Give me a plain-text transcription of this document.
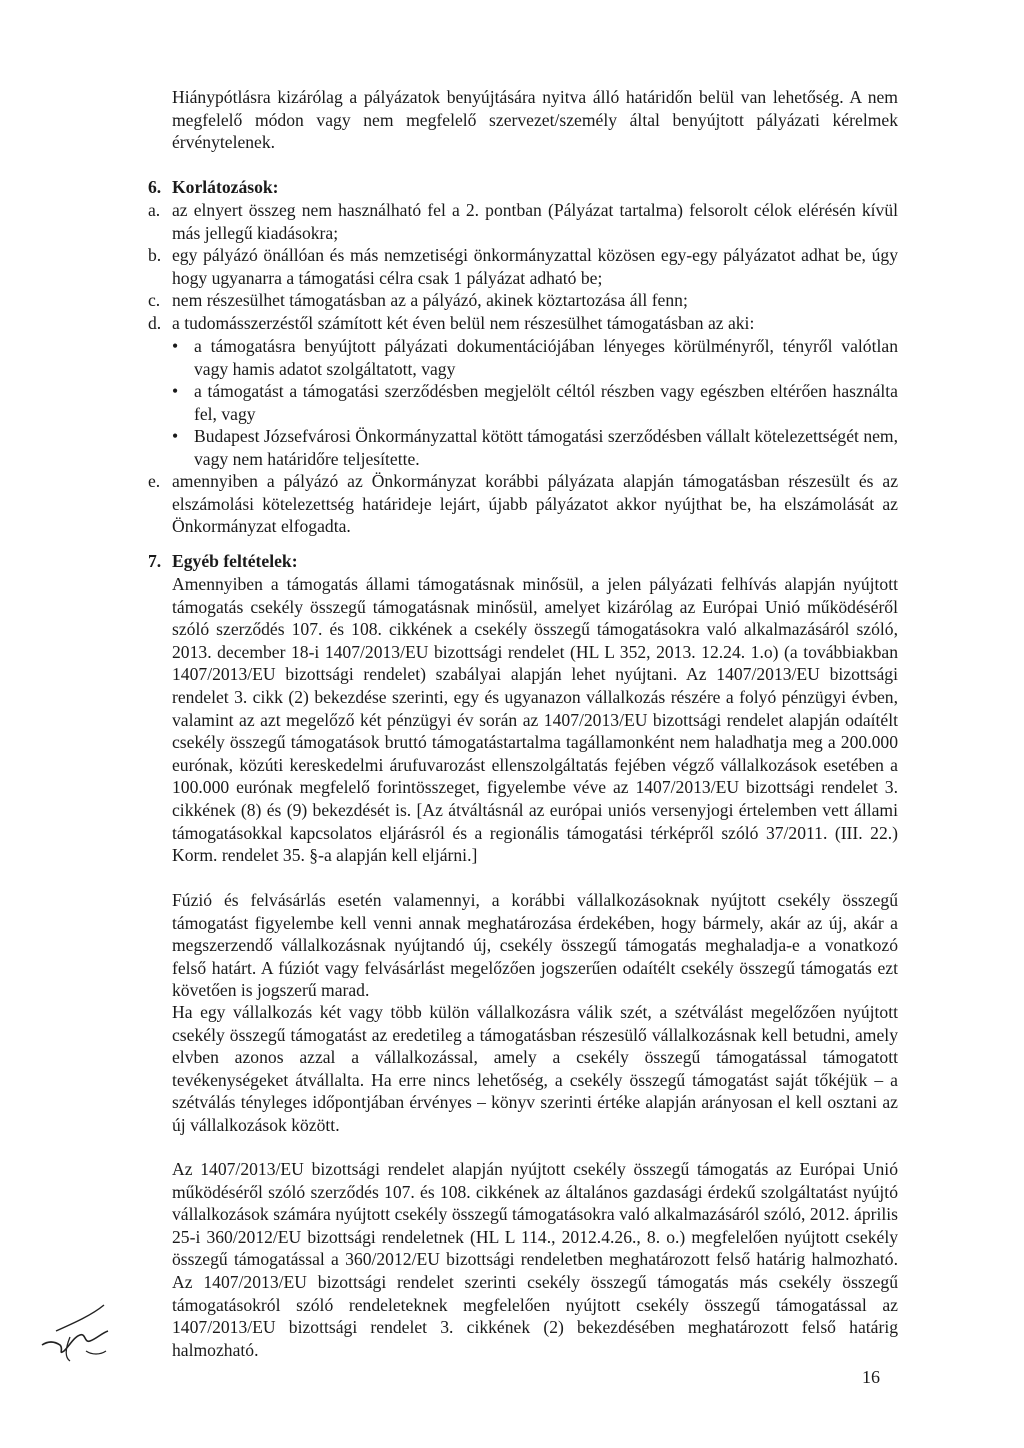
Hiánypótlásra kizárólag a pályázatok benyújtására nyitva álló határidőn belül van lehetőség. A nem megfelelő módon vagy nem megfelelő szervezet/személy által benyújtott pályázati kérelmek érvénytelenek.

6. Korlátozások:

a. az elnyert összeg nem használható fel a 2. pontban (Pályázat tartalma) felsorolt célok elérésén kívül más jellegű kiadásokra;
b. egy pályázó önállóan és más nemzetiségi önkormányzattal közösen egy-egy pályázatot adhat be, úgy hogy ugyanarra a támogatási célra csak 1 pályázat adható be;
c. nem részesülhet támogatásban az a pályázó, akinek köztartozása áll fenn;
d. a tudomásszerzéstől számított két éven belül nem részesülhet támogatásban az aki:
• a támogatásra benyújtott pályázati dokumentációjában lényeges körülményről, tényről valótlan vagy hamis adatot szolgáltatott, vagy
• a támogatást a támogatási szerződésben megjelölt céltól részben vagy egészben eltérően használta fel, vagy
• Budapest Józsefvárosi Önkormányzattal kötött támogatási szerződésben vállalt kötelezettségét nem, vagy nem határidőre teljesítette.
e. amennyiben a pályázó az Önkormányzat korábbi pályázata alapján támogatásban részesült és az elszámolási kötelezettség határideje lejárt, újabb pályázatot akkor nyújthat be, ha elszámolását az Önkormányzat elfogadta.

7. Egyéb feltételek:

Amennyiben a támogatás állami támogatásnak minősül, a jelen pályázati felhívás alapján nyújtott támogatás csekély összegű támogatásnak minősül, amelyet kizárólag az Európai Unió működéséről szóló szerződés 107. és 108. cikkének a csekély összegű támogatásokra való alkalmazásáról szóló, 2013. december 18-i 1407/2013/EU bizottsági rendelet (HL L 352, 2013. 12.24. 1.o) (a továbbiakban 1407/2013/EU bizottsági rendelet) szabályai alapján lehet nyújtani. Az 1407/2013/EU bizottsági rendelet 3. cikk (2) bekezdése szerinti, egy és ugyanazon vállalkozás részére a folyó pénzügyi évben, valamint az azt megelőző két pénzügyi év során az 1407/2013/EU bizottsági rendelet alapján odaítélt csekély összegű támogatások bruttó támogatástartalma tagállamonként nem haladhatja meg a 200.000 eurónak, közúti kereskedelmi árufuvarozást ellenszolgáltatás fejében végző vállalkozások esetében a 100.000 eurónak megfelelő forintösszeget, figyelembe véve az 1407/2013/EU bizottsági rendelet 3. cikkének (8) és (9) bekezdését is. [Az átváltásnál az európai uniós versenyjogi értelemben vett állami támogatásokkal kapcsolatos eljárásról és a regionális támogatási térképről szóló 37/2011. (III. 22.) Korm. rendelet 35. §-a alapján kell eljárni.]

Fúzió és felvásárlás esetén valamennyi, a korábbi vállalkozásoknak nyújtott csekély összegű támogatást figyelembe kell venni annak meghatározása érdekében, hogy bármely, akár az új, akár a megszerzendő vállalkozásnak nyújtandó új, csekély összegű támogatás meghaladja-e a vonatkozó felső határt. A fúziót vagy felvásárlást megelőzően jogszerűen odaítélt csekély összegű támogatás ezt követően is jogszerű marad.

Ha egy vállalkozás két vagy több külön vállalkozásra válik szét, a szétválást megelőzően nyújtott csekély összegű támogatást az eredetileg a támogatásban részesülő vállalkozásnak kell betudni, amely elvben azonos azzal a vállalkozással, amely a csekély összegű támogatással támogatott tevékenységeket átvállalta. Ha erre nincs lehetőség, a csekély összegű támogatást saját tőkéjük – a szétválás tényleges időpontjában érvényes – könyv szerinti értéke alapján arányosan el kell osztani az új vállalkozások között.

Az 1407/2013/EU bizottsági rendelet alapján nyújtott csekély összegű támogatás az Európai Unió működéséről szóló szerződés 107. és 108. cikkének az általános gazdasági érdekű szolgáltatást nyújtó vállalkozások számára nyújtott csekély összegű támogatásokra való alkalmazásáról szóló, 2012. április 25-i 360/2012/EU bizottsági rendeletnek (HL L 114., 2012.4.26., 8. o.) megfelelően nyújtott csekély összegű támogatással a 360/2012/EU bizottsági rendeletben meghatározott felső határig halmozható. Az 1407/2013/EU bizottsági rendelet szerinti csekély összegű támogatás más csekély összegű támogatásokról szóló rendeleteknek megfelelően nyújtott csekély összegű támogatással az 1407/2013/EU bizottsági rendelet 3. cikkének (2) bekezdésében meghatározott felső határig halmozható.

16
